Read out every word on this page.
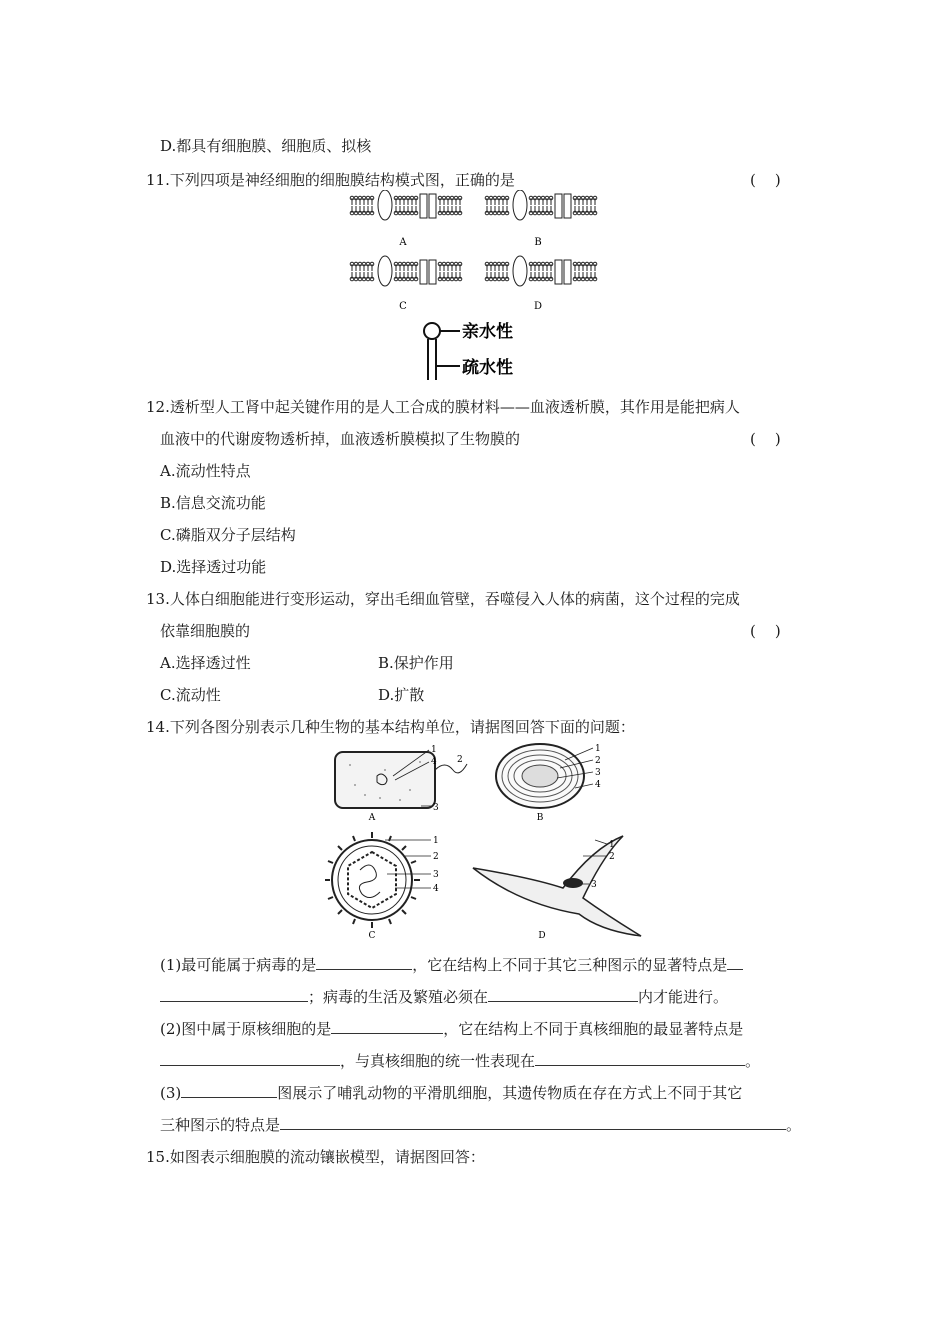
D.都具有细胞膜、细胞质、拟核
11.下列四项是神经细胞的细胞膜结构模式图，正确的是	(    )
A	B
C	D
亲水性
疏水性
12.透析型人工肾中起关键作用的是人工合成的膜材料——血液透析膜，其作用是能把病人
血液中的代谢废物透析掉，血液透析膜模拟了生物膜的	(    )
A.流动性特点
B.信息交流功能
C.磷脂双分子层结构
D.选择透过功能
13.人体白细胞能进行变形运动，穿出毛细血管壁，吞噬侵入人体的病菌，这个过程的完成
依靠细胞膜的	(    )
A.选择透过性	B.保护作用
C.流动性	D.扩散
14.下列各图分别表示几种生物的基本结构单位，请据图回答下面的问题：
1
4 2
3
A
1
2
3
4
B
1
2
3
4
C
1
2
3
D
(1)最可能属于病毒的是	，它在结构上不同于其它三种图示的显著特点是
；病毒的生活及繁殖必须在	内才能进行。
(2)图中属于原核细胞的是	，它在结构上不同于真核细胞的最显著特点是
，与真核细胞的统一性表现在	。
(3)	图展示了哺乳动物的平滑肌细胞，其遗传物质在存在方式上不同于其它
三种图示的特点是	。
15.如图表示细胞膜的流动镶嵌模型，请据图回答：
